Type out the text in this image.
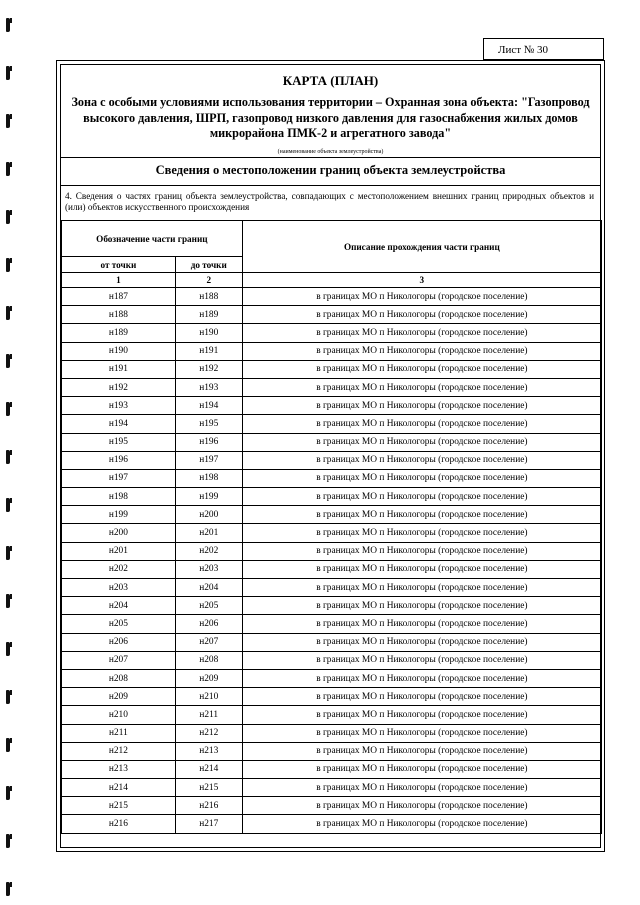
Лист № 30
КАРТА (ПЛАН)
Зона с особыми условиями использования территории – Охранная зона объекта: "Газопровод высокого давления, ШРП, газопровод низкого давления для газоснабжения жилых домов микрорайона ПМК-2 и агрегатного завода"
(наименование объекта землеустройства)
Сведения о местоположении границ объекта землеустройства
4. Сведения о частях границ объекта землеустройства, совпадающих с местоположением внешних границ природных объектов и (или) объектов искусственного происхождения
Обозначение части границ		Описание прохождения части границ
от точки	до точки	
1	2	3
н187	н188	в границах МО п Никологоры (городское поселение)
н188	н189	в границах МО п Никологоры (городское поселение)
н189	н190	в границах МО п Никологоры (городское поселение)
н190	н191	в границах МО п Никологоры (городское поселение)
н191	н192	в границах МО п Никологоры (городское поселение)
н192	н193	в границах МО п Никологоры (городское поселение)
н193	н194	в границах МО п Никологоры (городское поселение)
н194	н195	в границах МО п Никологоры (городское поселение)
н195	н196	в границах МО п Никологоры (городское поселение)
н196	н197	в границах МО п Никологоры (городское поселение)
н197	н198	в границах МО п Никологоры (городское поселение)
н198	н199	в границах МО п Никологоры (городское поселение)
н199	н200	в границах МО п Никологоры (городское поселение)
н200	н201	в границах МО п Никологоры (городское поселение)
н201	н202	в границах МО п Никологоры (городское поселение)
н202	н203	в границах МО п Никологоры (городское поселение)
н203	н204	в границах МО п Никологоры (городское поселение)
н204	н205	в границах МО п Никологоры (городское поселение)
н205	н206	в границах МО п Никологоры (городское поселение)
н206	н207	в границах МО п Никологоры (городское поселение)
н207	н208	в границах МО п Никологоры (городское поселение)
н208	н209	в границах МО п Никологоры (городское поселение)
н209	н210	в границах МО п Никологоры (городское поселение)
н210	н211	в границах МО п Никологоры (городское поселение)
н211	н212	в границах МО п Никологоры (городское поселение)
н212	н213	в границах МО п Никологоры (городское поселение)
н213	н214	в границах МО п Никологоры (городское поселение)
н214	н215	в границах МО п Никологоры (городское поселение)
н215	н216	в границах МО п Никологоры (городское поселение)
н216	н217	в границах МО п Никологоры (городское поселение)
